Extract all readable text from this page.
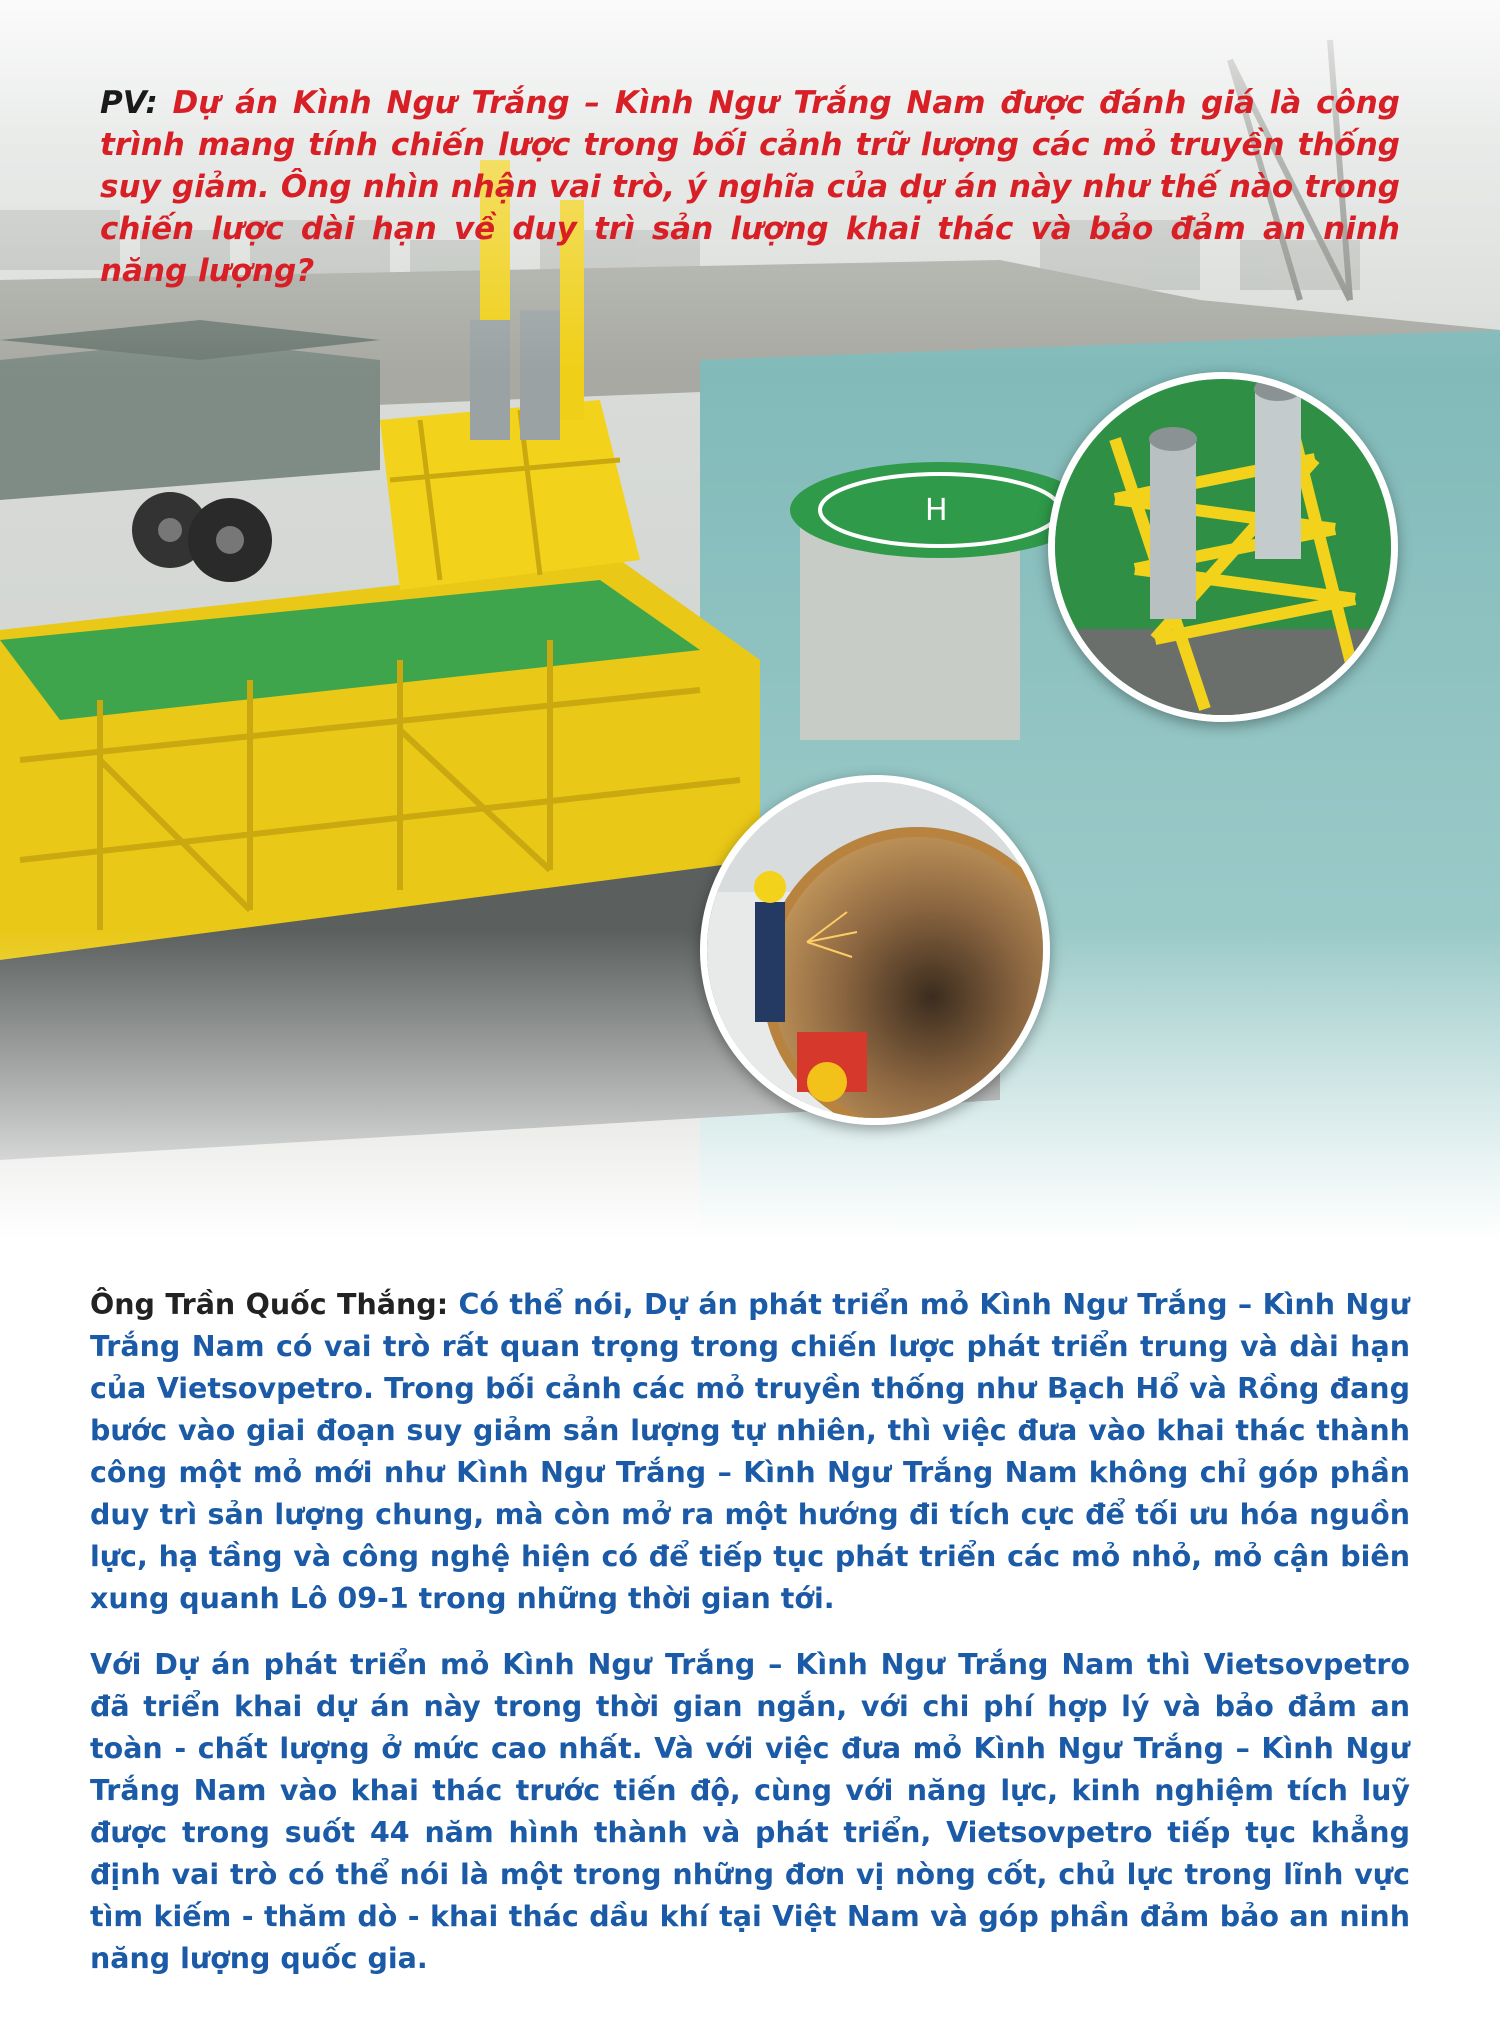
PV: Dự án Kình Ngư Trắng – Kình Ngư Trắng Nam được đánh giá là công trình mang tính chiến lược trong bối cảnh trữ lượng các mỏ truyền thống suy giảm. Ông nhìn nhận vai trò, ý nghĩa của dự án này như thế nào trong chiến lược dài hạn về duy trì sản lượng khai thác và bảo đảm an ninh năng lượng?

Ông Trần Quốc Thắng: Có thể nói, Dự án phát triển mỏ Kình Ngư Trắng – Kình Ngư Trắng Nam có vai trò rất quan trọng trong chiến lược phát triển trung và dài hạn của Vietsovpetro. Trong bối cảnh các mỏ truyền thống như Bạch Hổ và Rồng đang bước vào giai đoạn suy giảm sản lượng tự nhiên, thì việc đưa vào khai thác thành công một mỏ mới như Kình Ngư Trắng – Kình Ngư Trắng Nam không chỉ góp phần duy trì sản lượng chung, mà còn mở ra một hướng đi tích cực để tối ưu hóa nguồn lực, hạ tầng và công nghệ hiện có để tiếp tục phát triển các mỏ nhỏ, mỏ cận biên xung quanh Lô 09-1 trong những thời gian tới.

Với Dự án phát triển mỏ Kình Ngư Trắng – Kình Ngư Trắng Nam thì Vietsovpetro đã triển khai dự án này trong thời gian ngắn, với chi phí hợp lý và bảo đảm an toàn - chất lượng ở mức cao nhất. Và với việc đưa mỏ Kình Ngư Trắng – Kình Ngư Trắng Nam vào khai thác trước tiến độ, cùng với năng lực, kinh nghiệm tích luỹ được trong suốt 44 năm hình thành và phát triển, Vietsovpetro tiếp tục khẳng định vai trò có thể nói là một trong những đơn vị nòng cốt, chủ lực trong lĩnh vực tìm kiếm - thăm dò - khai thác dầu khí tại Việt Nam và góp phần đảm bảo an ninh năng lượng quốc gia.
